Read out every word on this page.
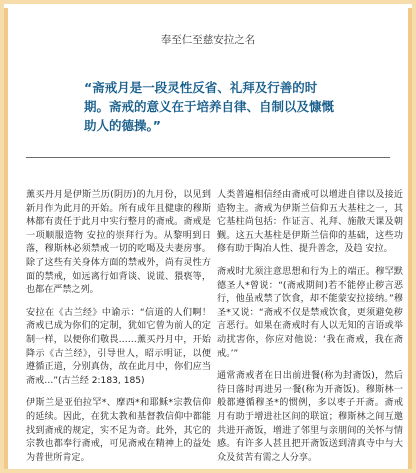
奉至仁至慈安拉之名
“斋戒月是一段灵性反省、礼拜及行善的时期。斋戒的意义在于培养自律、自制以及慷慨助人的德操。”

薰买丹月是伊斯兰历(阴历)的九月份，以见到新月作为此月的开始。所有成年且健康的穆斯林都有责任于此月中实行整月的斋戒。斋戒是一项顺服造物 安拉的崇拜行为。从黎明到日落，穆斯林必须禁戒一切的吃喝及夫妻房事。除了这些有关身体方面的禁戒外，尚有灵性方面的禁戒，如远离行如背谈、说谎、猥亵等，也都在严禁之列。

安拉在《古兰经》中谕示：“信道的人们啊！斋戒已成为你们的定制，犹如它曾为前人的定制一样，以便你们敬畏……薰买丹月中，开始降示《古兰经》，引导世人，昭示明证，以便遵循正道，分别真伪，故在此月中，你们应当斋戒…”(古兰经 2:183, 185)

伊斯兰是亚伯拉罕*、摩西*和耶稣*宗教信仰的延续。因此，在犹太教和基督教信仰中都能找到斋戒的规定，实不足为奇。此外，其它的宗教也都奉行斋戒，可见斋戒在精神上的益处为普世所肯定。

人类普遍相信经由斋戒可以增进自律以及接近造物主。斋戒为伊斯兰信仰五大基柱之一，其它基柱尚包括：作证言、礼拜、施散天课及朝觐。这五大基柱是伊斯兰信仰的基础，这些功修有助于陶冶人性、提升善念，及趋 安拉。

斋戒时尤须注意思想和行为上的端正。穆罕默德圣人*曾说：“(斋戒期间)若不能停止秽言恶行，他虽戒禁了饮食，却不能蒙安拉接纳。”穆圣*又说：“斋戒不仅是禁戒饮食，更须避免秽言恶行。如果在斋戒时有人以无知的言语或举动扰害你，你应对他说：‘我在斋戒，我在斋戒。’”

通常斋戒者在日出前进餐(称为封斋饭)，然后待日落时再进另一餐(称为开斋饭)。穆斯林一般都遵循穆圣*的惯例，多以枣子开斋。斋戒月有助于增进社区间的联谊；穆斯林之间互邀共进开斋饭，增进了邻里与亲朋间的关怀与情感。有许多人甚且把开斋饭送到清真寺中与大众及贫苦有需之人分享。
